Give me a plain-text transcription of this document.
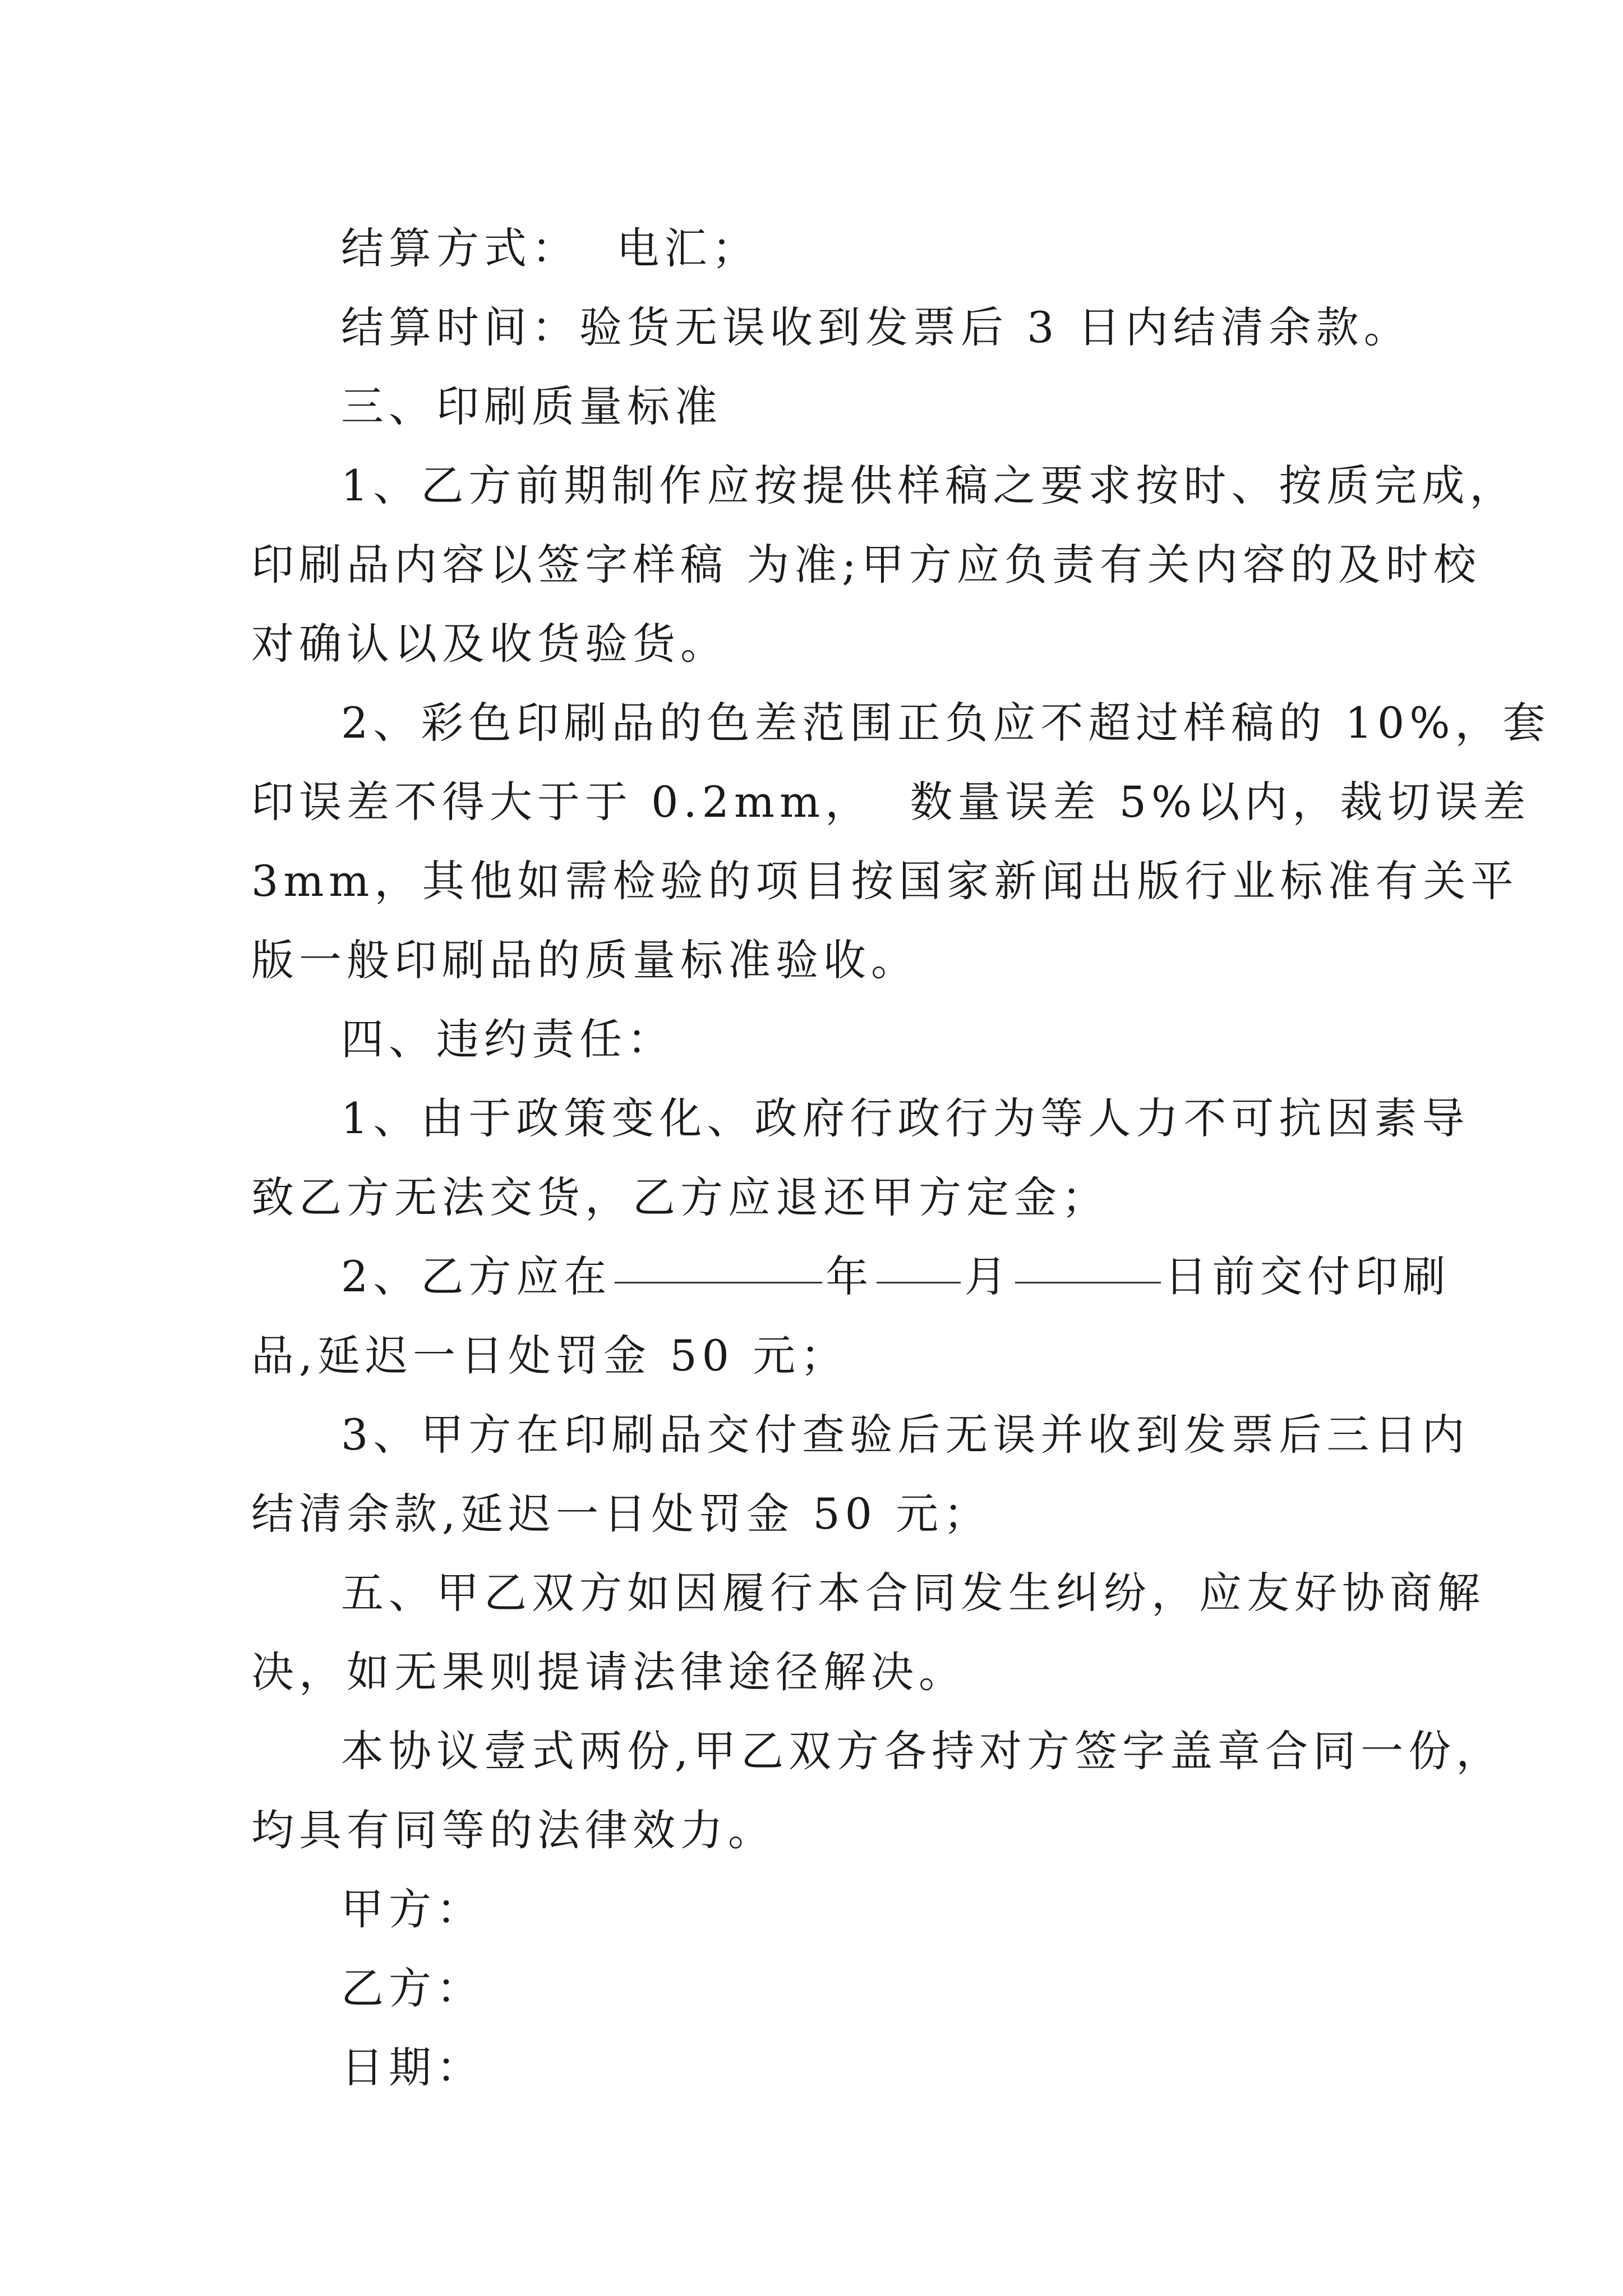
结算方式：  电汇；
结算时间：验货无误收到发票后 3 日内结清余款。
三、印刷质量标准
1、乙方前期制作应按提供样稿之要求按时、按质完成，
印刷品内容以签字样稿 为准;甲方应负责有关内容的及时校
对确认以及收货验货。
2、彩色印刷品的色差范围正负应不超过样稿的 10%，套
印误差不得大于于 0.2mm，  数量误差 5%以内，裁切误差
3mm，其他如需检验的项目按国家新闻出版行业标准有关平
版一般印刷品的质量标准验收。
四、违约责任：
1、由于政策变化、政府行政行为等人力不可抗因素导
致乙方无法交货，乙方应退还甲方定金；
2、乙方应在	年 月	日前交付印刷
品,延迟一日处罚金 50 元；
3、甲方在印刷品交付查验后无误并收到发票后三日内
结清余款,延迟一日处罚金 50 元；
五、甲乙双方如因履行本合同发生纠纷，应友好协商解
决，如无果则提请法律途径解决。
本协议壹式两份,甲乙双方各持对方签字盖章合同一份，
均具有同等的法律效力。
甲方：
乙方：
日期：
